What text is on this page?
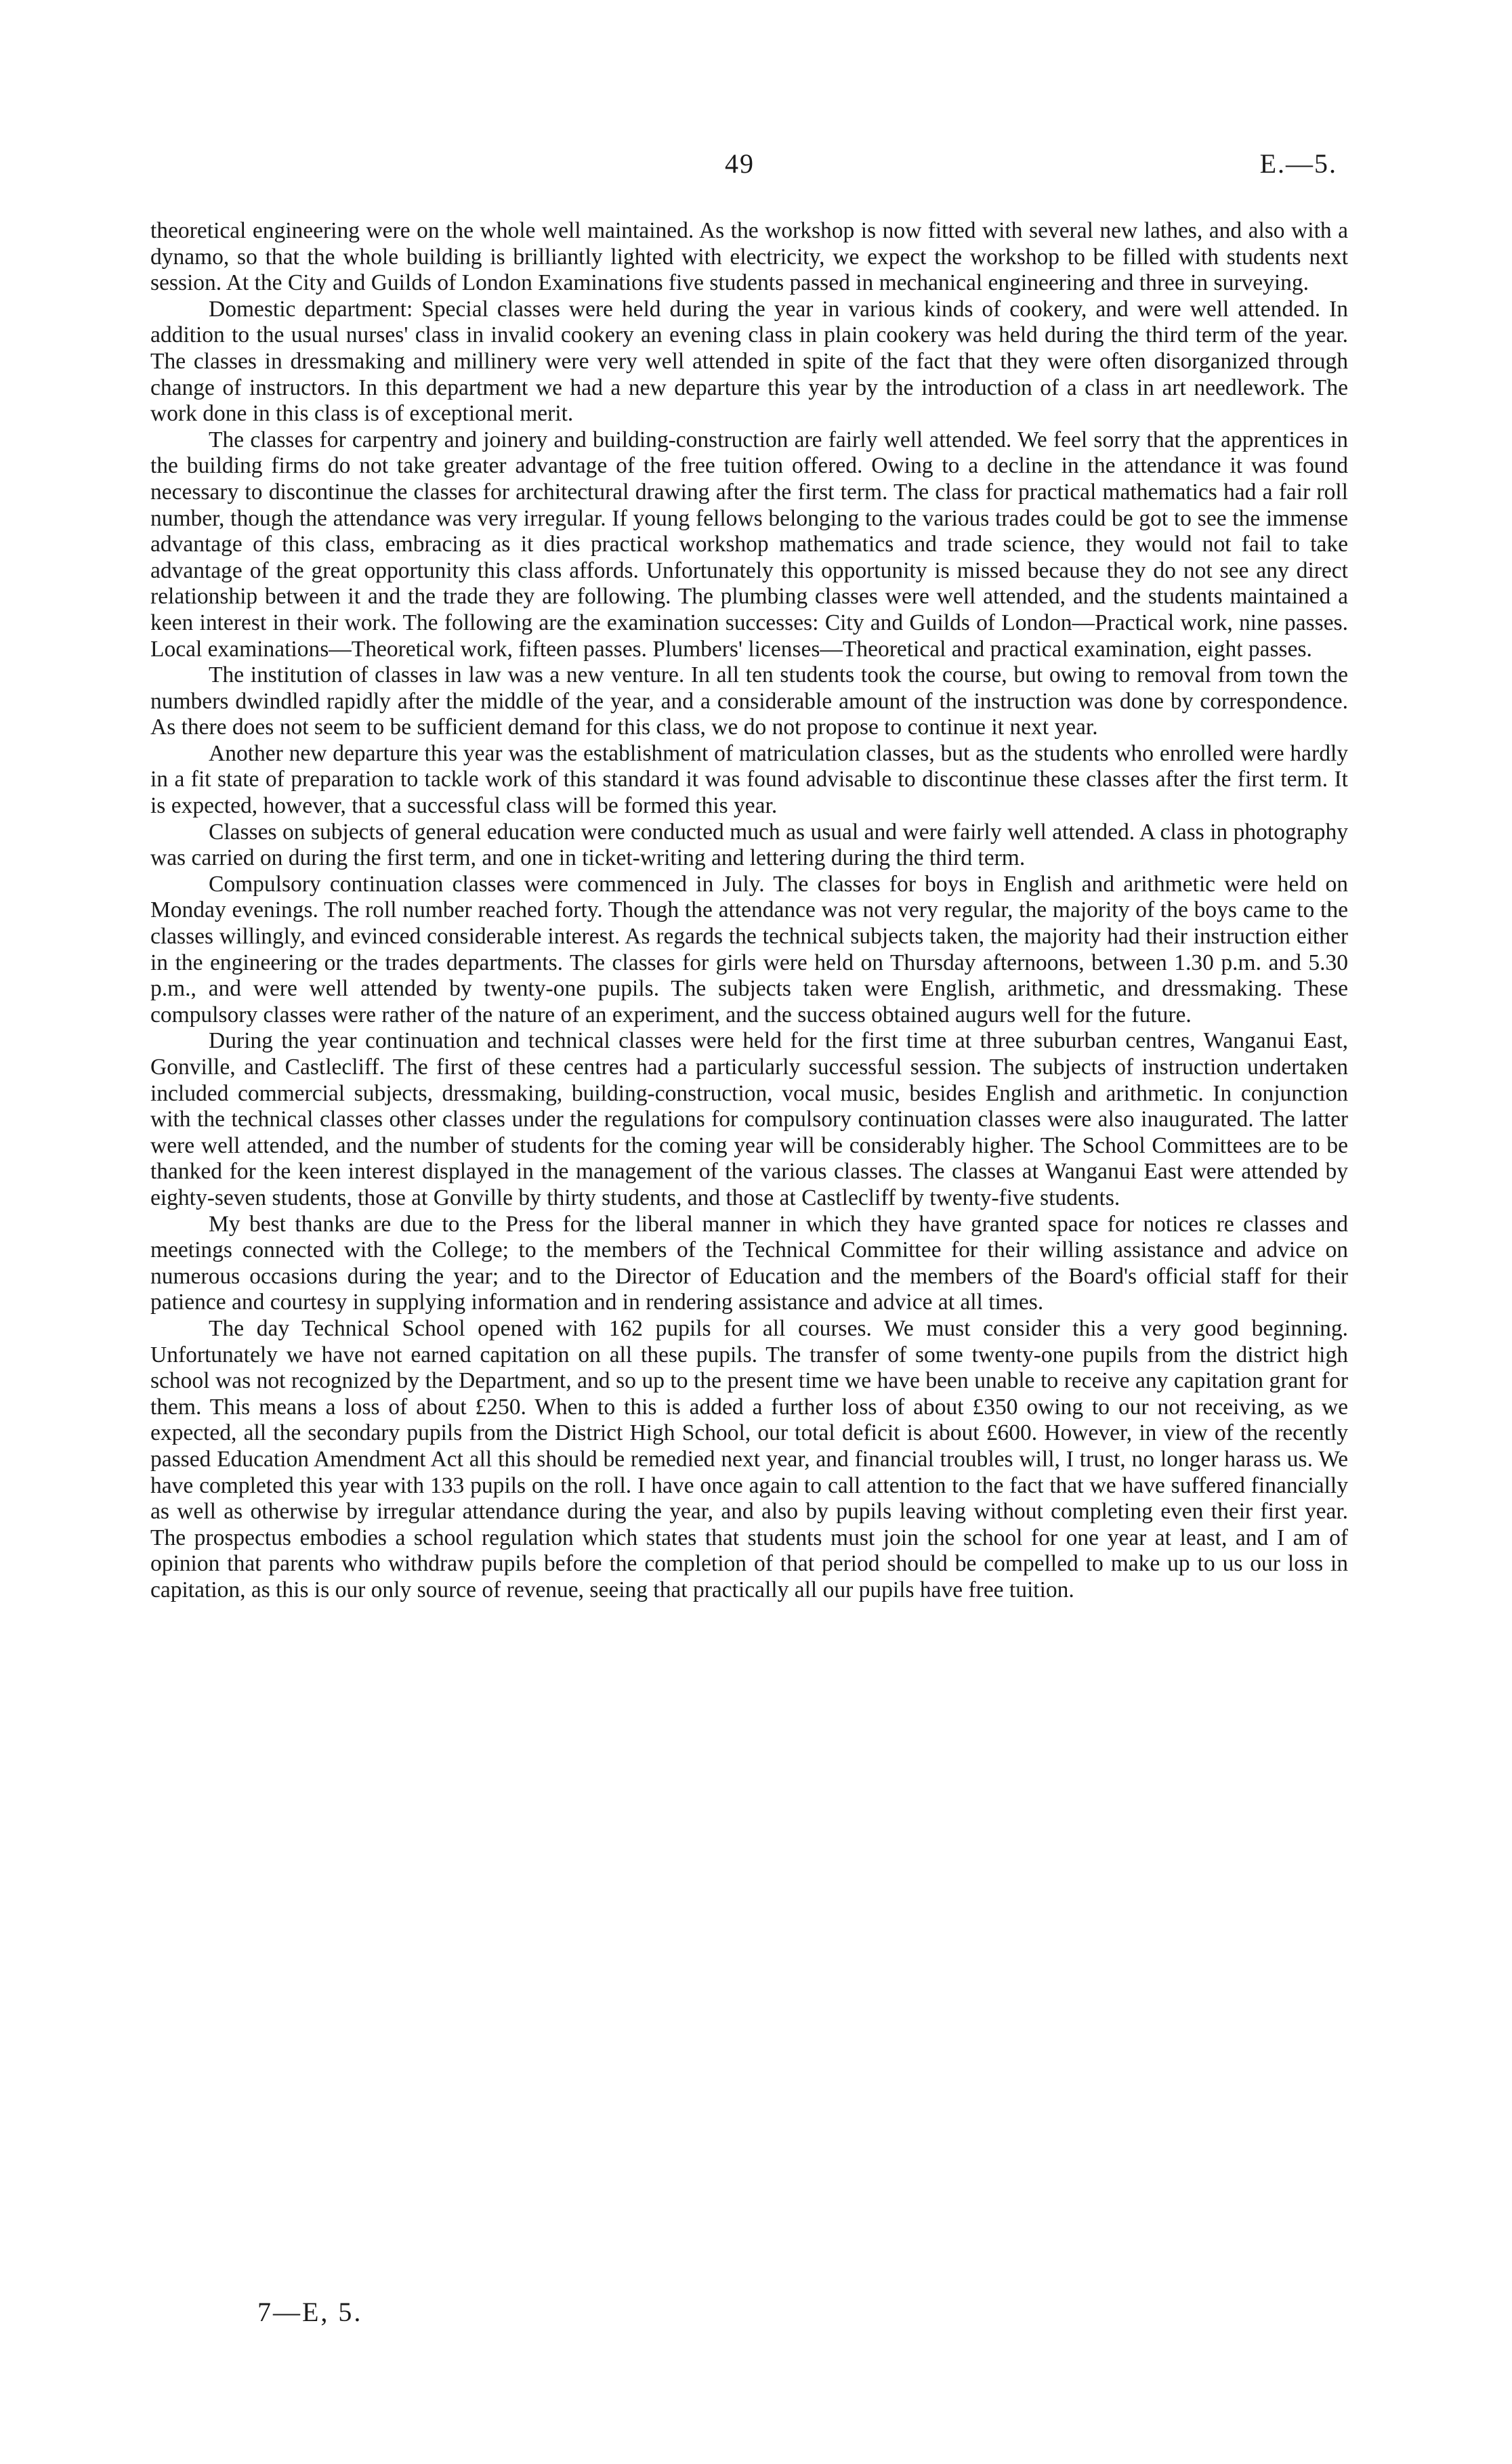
49	E.—5.

theoretical engineering were on the whole well maintained. As the workshop is now fitted with several new lathes, and also with a dynamo, so that the whole building is brilliantly lighted with electricity, we expect the workshop to be filled with students next session. At the City and Guilds of London Examinations five students passed in mechanical engineering and three in surveying.

Domestic department: Special classes were held during the year in various kinds of cookery, and were well attended. In addition to the usual nurses' class in invalid cookery an evening class in plain cookery was held during the third term of the year. The classes in dressmaking and millinery were very well attended in spite of the fact that they were often disorganized through change of instructors. In this department we had a new departure this year by the introduction of a class in art needlework. The work done in this class is of exceptional merit.

The classes for carpentry and joinery and building-construction are fairly well attended. We feel sorry that the apprentices in the building firms do not take greater advantage of the free tuition offered. Owing to a decline in the attendance it was found necessary to discontinue the classes for architectural drawing after the first term. The class for practical mathematics had a fair roll number, though the attendance was very irregular. If young fellows belonging to the various trades could be got to see the immense advantage of this class, embracing as it dies practical workshop mathematics and trade science, they would not fail to take advantage of the great opportunity this class affords. Unfortunately this opportunity is missed because they do not see any direct relationship between it and the trade they are following. The plumbing classes were well attended, and the students maintained a keen interest in their work. The following are the examination successes: City and Guilds of London—Practical work, nine passes. Local examinations—Theoretical work, fifteen passes. Plumbers' licenses—Theoretical and practical examination, eight passes.

The institution of classes in law was a new venture. In all ten students took the course, but owing to removal from town the numbers dwindled rapidly after the middle of the year, and a considerable amount of the instruction was done by correspondence. As there does not seem to be sufficient demand for this class, we do not propose to continue it next year.

Another new departure this year was the establishment of matriculation classes, but as the students who enrolled were hardly in a fit state of preparation to tackle work of this standard it was found advisable to discontinue these classes after the first term. It is expected, however, that a successful class will be formed this year.

Classes on subjects of general education were conducted much as usual and were fairly well attended. A class in photography was carried on during the first term, and one in ticket-writing and lettering during the third term.

Compulsory continuation classes were commenced in July. The classes for boys in English and arithmetic were held on Monday evenings. The roll number reached forty. Though the attendance was not very regular, the majority of the boys came to the classes willingly, and evinced considerable interest. As regards the technical subjects taken, the majority had their instruction either in the engineering or the trades departments. The classes for girls were held on Thursday afternoons, between 1.30 p.m. and 5.30 p.m., and were well attended by twenty-one pupils. The subjects taken were English, arithmetic, and dressmaking. These compulsory classes were rather of the nature of an experiment, and the success obtained augurs well for the future.

During the year continuation and technical classes were held for the first time at three suburban centres, Wanganui East, Gonville, and Castlecliff. The first of these centres had a particularly successful session. The subjects of instruction undertaken included commercial subjects, dressmaking, building-construction, vocal music, besides English and arithmetic. In conjunction with the technical classes other classes under the regulations for compulsory continuation classes were also inaugurated. The latter were well attended, and the number of students for the coming year will be considerably higher. The School Committees are to be thanked for the keen interest displayed in the management of the various classes. The classes at Wanganui East were attended by eighty-seven students, those at Gonville by thirty students, and those at Castlecliff by twenty-five students.

My best thanks are due to the Press for the liberal manner in which they have granted space for notices re classes and meetings connected with the College; to the members of the Technical Committee for their willing assistance and advice on numerous occasions during the year; and to the Director of Education and the members of the Board's official staff for their patience and courtesy in supplying information and in rendering assistance and advice at all times.

The day Technical School opened with 162 pupils for all courses. We must consider this a very good beginning. Unfortunately we have not earned capitation on all these pupils. The transfer of some twenty-one pupils from the district high school was not recognized by the Department, and so up to the present time we have been unable to receive any capitation grant for them. This means a loss of about £250. When to this is added a further loss of about £350 owing to our not receiving, as we expected, all the secondary pupils from the District High School, our total deficit is about £600. However, in view of the recently passed Education Amendment Act all this should be remedied next year, and financial troubles will, I trust, no longer harass us. We have completed this year with 133 pupils on the roll. I have once again to call attention to the fact that we have suffered financially as well as otherwise by irregular attendance during the year, and also by pupils leaving without completing even their first year. The prospectus embodies a school regulation which states that students must join the school for one year at least, and I am of opinion that parents who withdraw pupils before the completion of that period should be compelled to make up to us our loss in capitation, as this is our only source of revenue, seeing that practically all our pupils have free tuition.

7—E, 5.
